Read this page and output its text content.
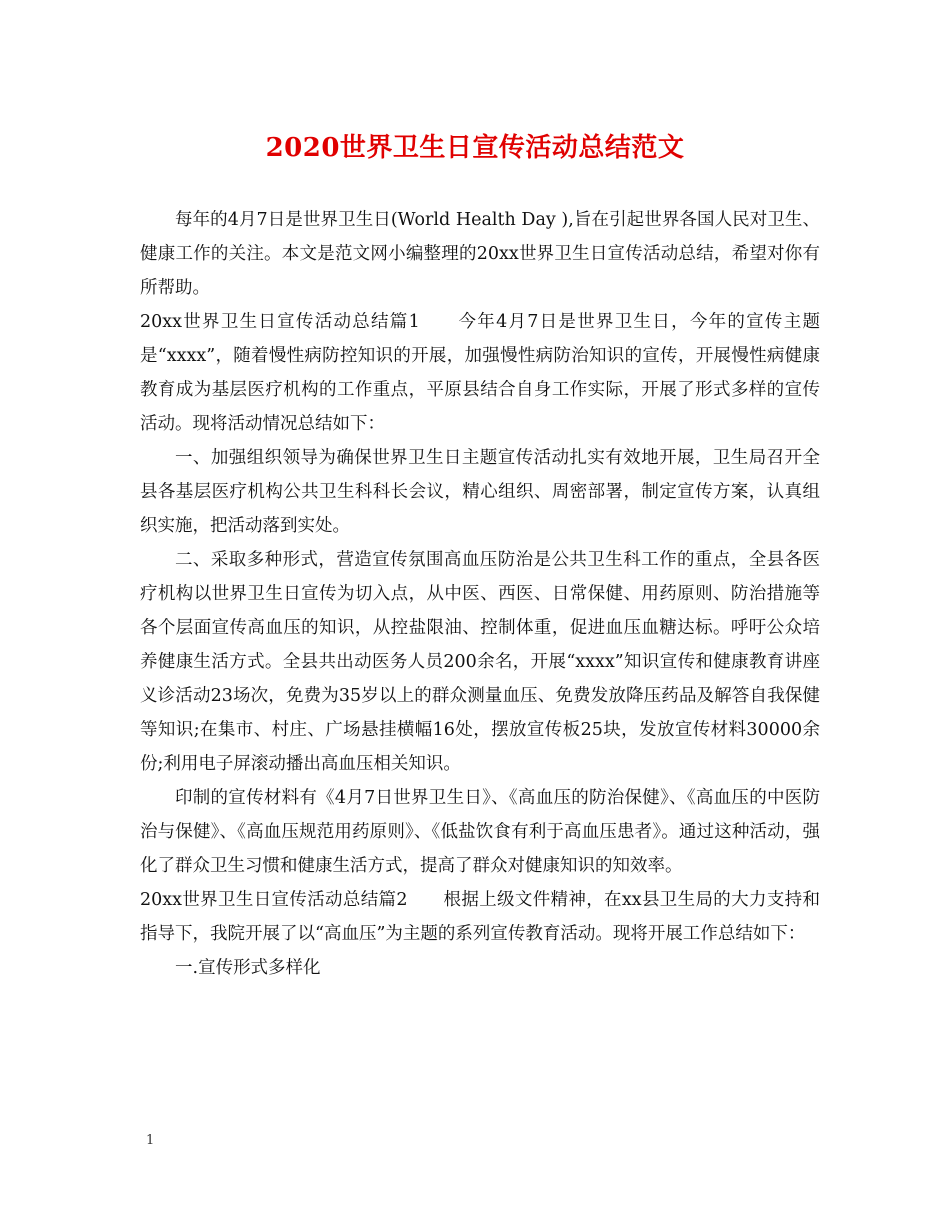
2020世界卫生日宣传活动总结范文

每年的4月7日是世界卫生日(World Health Day ),旨在引起世界各国人民对卫生、健康工作的关注。本文是范文网小编整理的20xx世界卫生日宣传活动总结，希望对你有所帮助。

20xx世界卫生日宣传活动总结篇1　　今年4月7日是世界卫生日，今年的宣传主题是“xxxx”，随着慢性病防控知识的开展，加强慢性病防治知识的宣传，开展慢性病健康教育成为基层医疗机构的工作重点，平原县结合自身工作实际，开展了形式多样的宣传活动。现将活动情况总结如下：

一、加强组织领导为确保世界卫生日主题宣传活动扎实有效地开展，卫生局召开全县各基层医疗机构公共卫生科科长会议，精心组织、周密部署，制定宣传方案，认真组织实施，把活动落到实处。

二、采取多种形式，营造宣传氛围高血压防治是公共卫生科工作的重点，全县各医疗机构以世界卫生日宣传为切入点，从中医、西医、日常保健、用药原则、防治措施等各个层面宣传高血压的知识，从控盐限油、控制体重，促进血压血糖达标。呼吁公众培养健康生活方式。全县共出动医务人员200余名，开展“xxxx”知识宣传和健康教育讲座义诊活动23场次，免费为35岁以上的群众测量血压、免费发放降压药品及解答自我保健等知识;在集市、村庄、广场悬挂横幅16处，摆放宣传板25块，发放宣传材料30000余份;利用电子屏滚动播出高血压相关知识。

印制的宣传材料有《4月7日世界卫生日》、《高血压的防治保健》、《高血压的中医防治与保健》、《高血压规范用药原则》、《低盐饮食有利于高血压患者》。通过这种活动，强化了群众卫生习惯和健康生活方式，提高了群众对健康知识的知效率。

20xx世界卫生日宣传活动总结篇2　　根据上级文件精神，在xx县卫生局的大力支持和指导下，我院开展了以“高血压”为主题的系列宣传教育活动。现将开展工作总结如下：

一.宣传形式多样化

1
